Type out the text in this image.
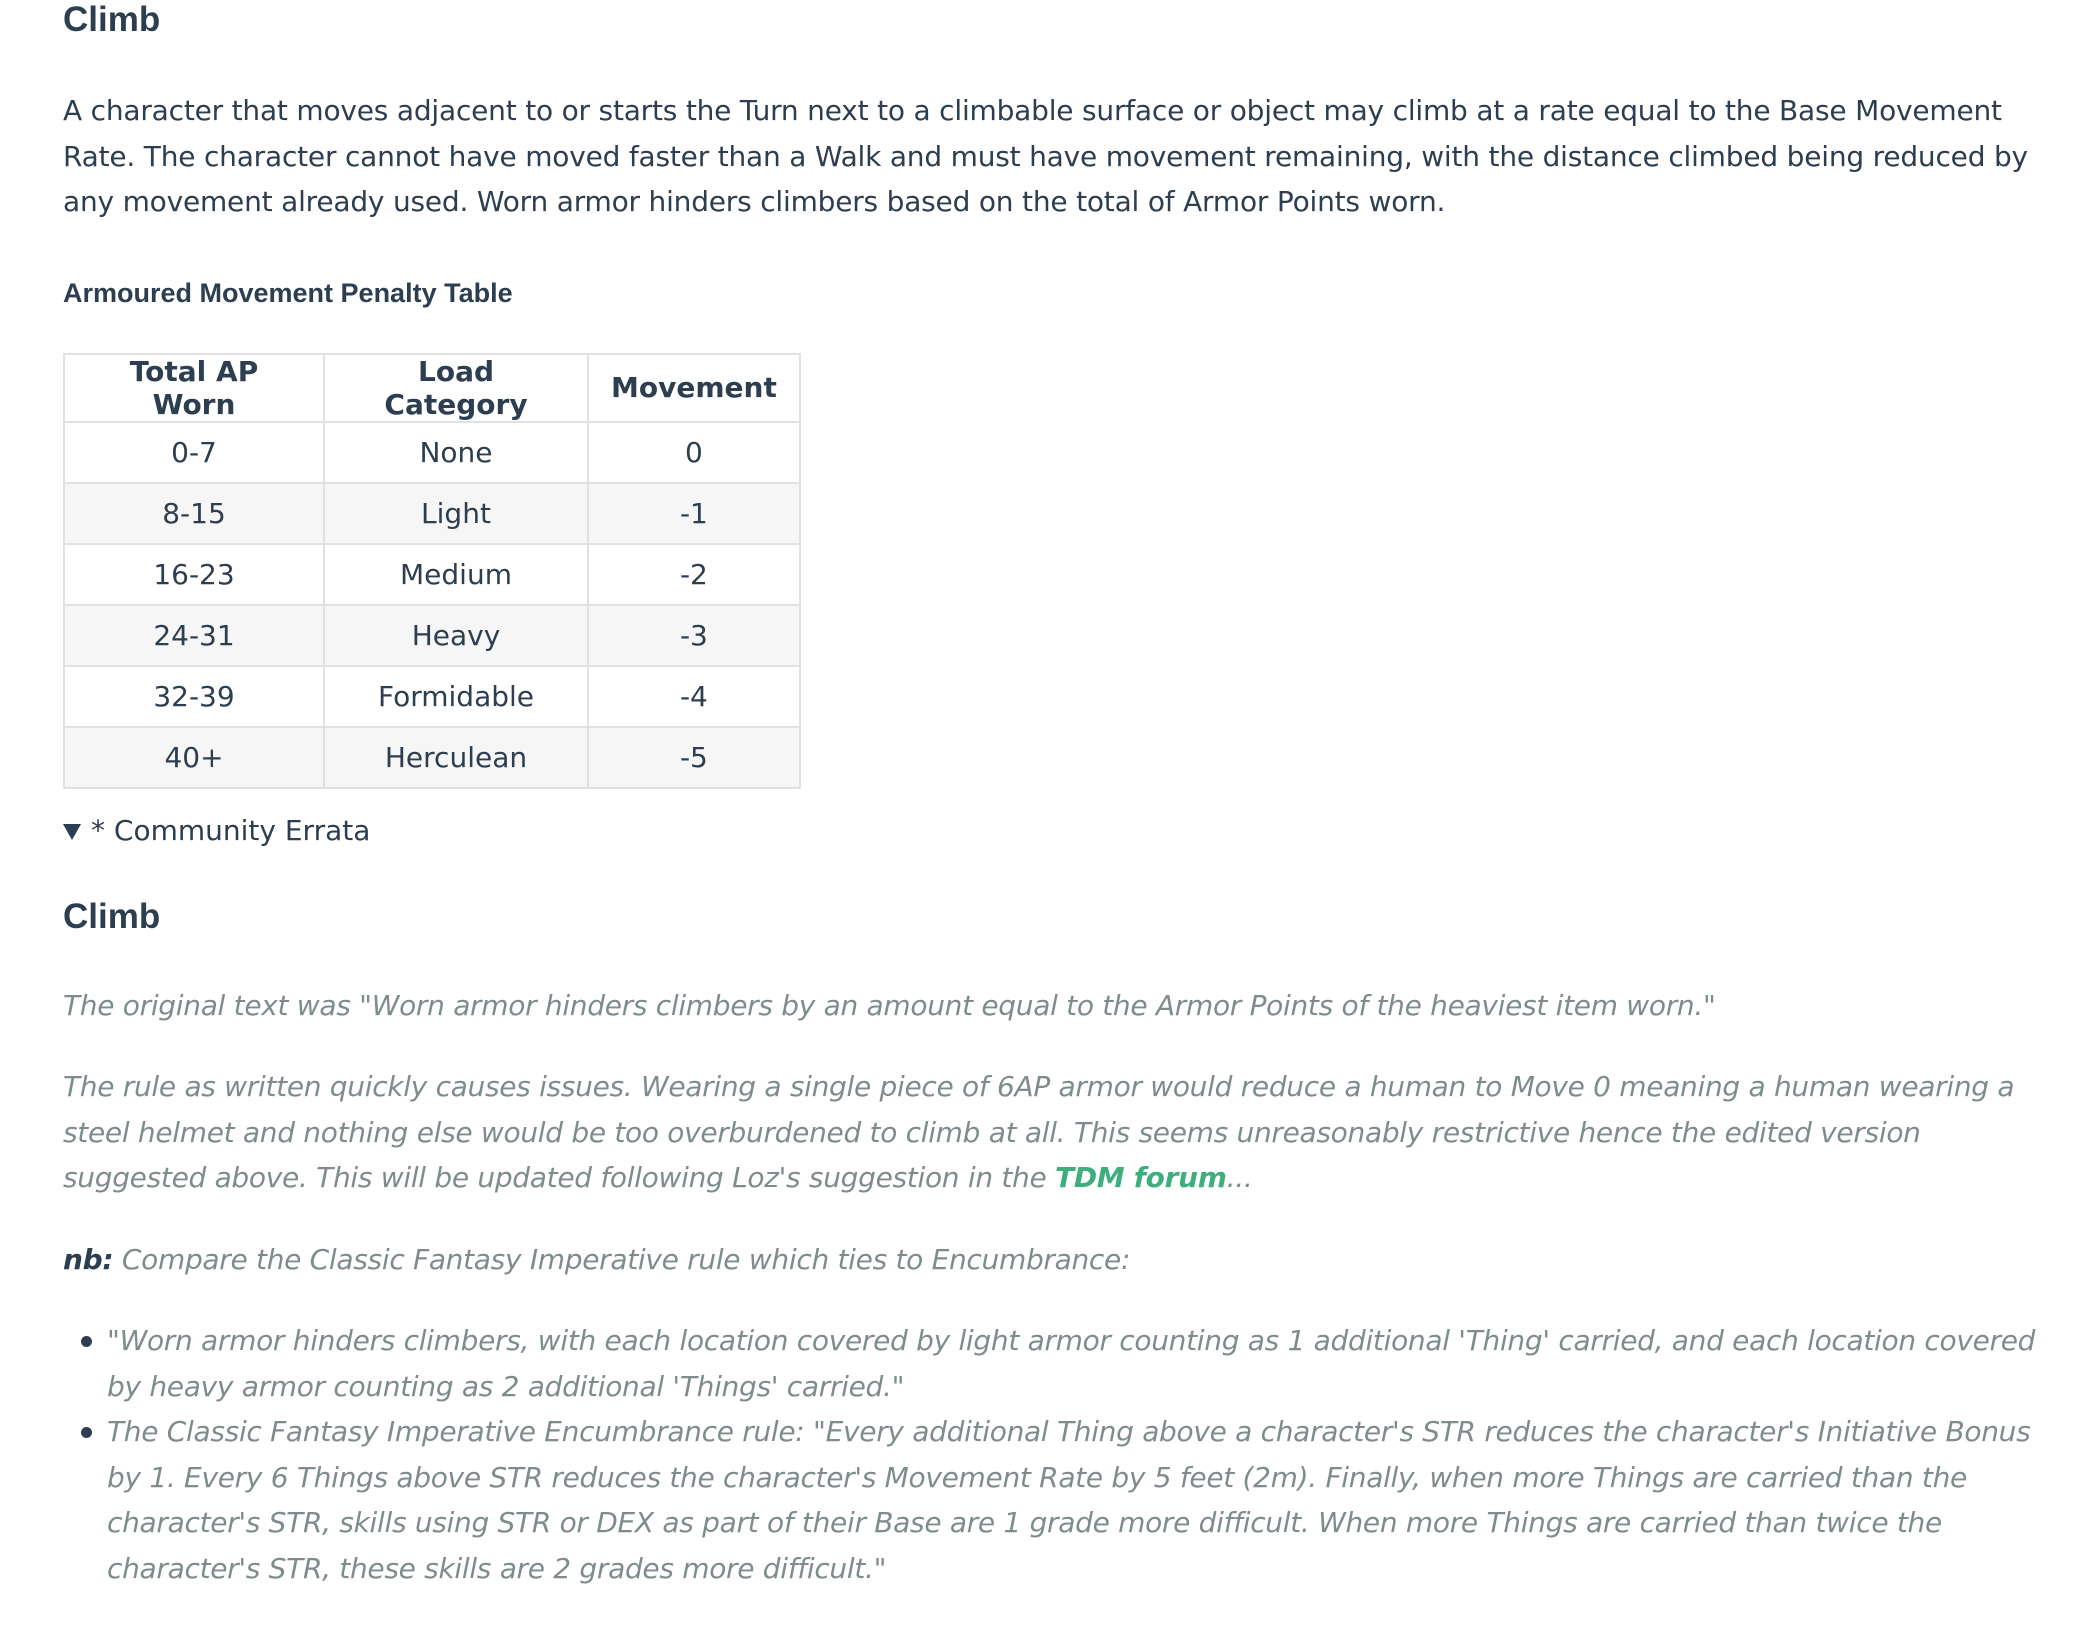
Climb

A character that moves adjacent to or starts the Turn next to a climbable surface or object may climb at a rate equal to the Base Movement Rate. The character cannot have moved faster than a Walk and must have movement remaining, with the distance climbed being reduced by any movement already used. Worn armor hinders climbers based on the total of Armor Points worn.

Armoured Movement Penalty Table
Total AP Worn	Load Category	Movement
0-7	None	0
8-15	Light	-1
16-23	Medium	-2
24-31	Heavy	-3
32-39	Formidable	-4
40+	Herculean	-5
* Community Errata
Climb

The original text was "Worn armor hinders climbers by an amount equal to the Armor Points of the heaviest item worn."

The rule as written quickly causes issues. Wearing a single piece of 6AP armor would reduce a human to Move 0 meaning a human wearing a steel helmet and nothing else would be too overburdened to climb at all. This seems unreasonably restrictive hence the edited version suggested above. This will be updated following Loz's suggestion in the TDM forum...

nb: Compare the Classic Fantasy Imperative rule which ties to Encumbrance:

"Worn armor hinders climbers, with each location covered by light armor counting as 1 additional 'Thing' carried, and each location covered by heavy armor counting as 2 additional 'Things' carried."
The Classic Fantasy Imperative Encumbrance rule: "Every additional Thing above a character's STR reduces the character's Initiative Bonus by 1. Every 6 Things above STR reduces the character's Movement Rate by 5 feet (2m). Finally, when more Things are carried than the character's STR, skills using STR or DEX as part of their Base are 1 grade more difficult. When more Things are carried than twice the character's STR, these skills are 2 grades more difficult."
